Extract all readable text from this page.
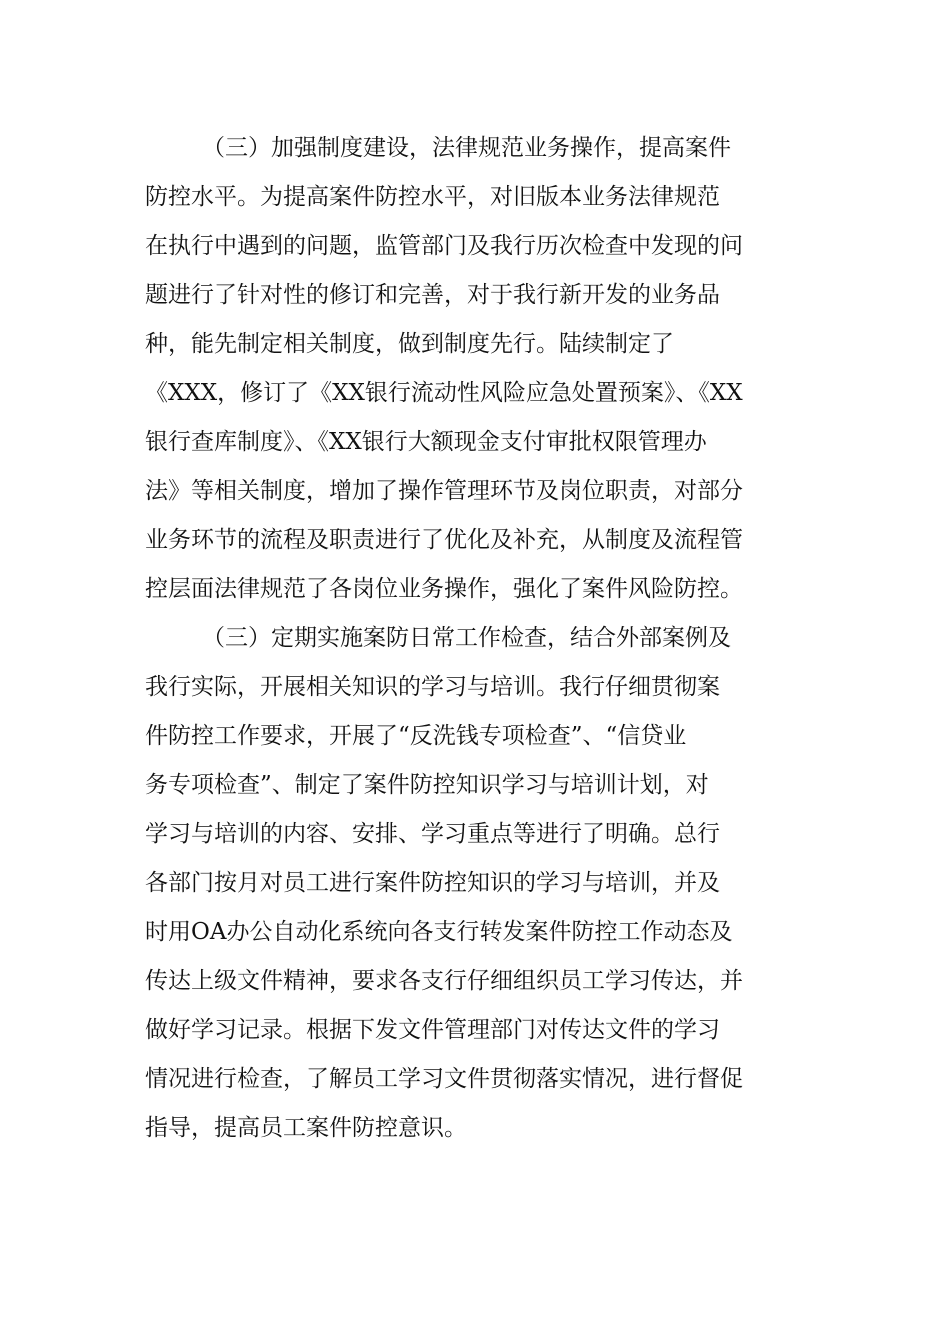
（三）加强制度建设，法律规范业务操作，提高案件
防控水平。为提高案件防控水平，对旧版本业务法律规范
在执行中遇到的问题，监管部门及我行历次检查中发现的问
题进行了针对性的修订和完善，对于我行新开发的业务品
种，能先制定相关制度，做到制度先行。陆续制定了
《XXX，修订了《XX银行流动性风险应急处置预案》、《XX
银行查库制度》、《XX银行大额现金支付审批权限管理办
法》等相关制度，增加了操作管理环节及岗位职责，对部分
业务环节的流程及职责进行了优化及补充，从制度及流程管
控层面法律规范了各岗位业务操作，强化了案件风险防控。
（三）定期实施案防日常工作检查，结合外部案例及
我行实际，开展相关知识的学习与培训。我行仔细贯彻案
件防控工作要求，开展了“反洗钱专项检查”、“信贷业
务专项检查”、制定了案件防控知识学习与培训计划，对
学习与培训的内容、安排、学习重点等进行了明确。总行
各部门按月对员工进行案件防控知识的学习与培训，并及
时用OA办公自动化系统向各支行转发案件防控工作动态及
传达上级文件精神，要求各支行仔细组织员工学习传达，并
做好学习记录。根据下发文件管理部门对传达文件的学习
情况进行检查，了解员工学习文件贯彻落实情况，进行督促
指导，提高员工案件防控意识。
